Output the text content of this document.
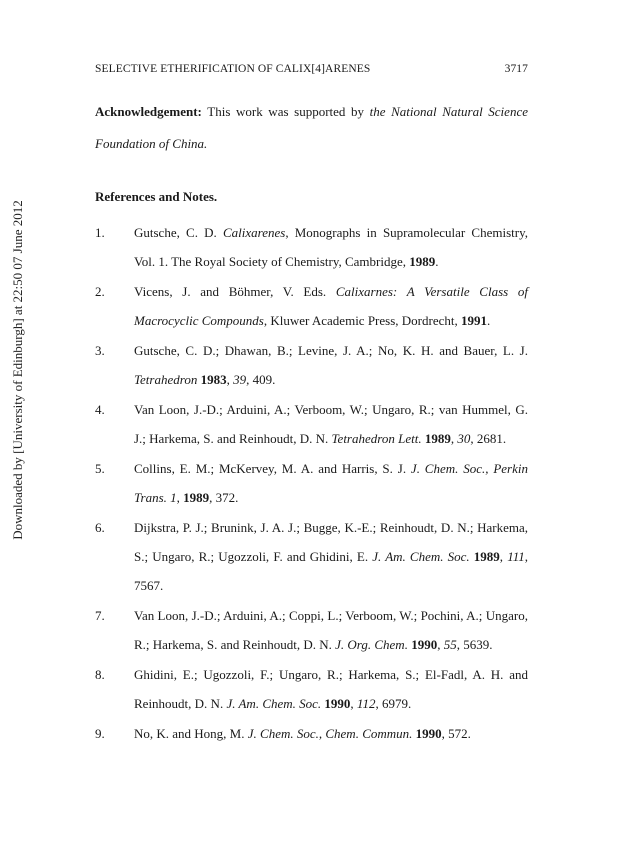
Downloaded by [University of Edinburgh] at 22:50 07 June 2012
SELECTIVE ETHERIFICATION OF CALIX[4]ARENES	3717

Acknowledgement: This work was supported by the National Natural Science Foundation of China.

References and Notes.
1. Gutsche, C. D. Calixarenes, Monographs in Supramolecular Chemistry, Vol. 1. The Royal Society of Chemistry, Cambridge, 1989.
2. Vicens, J. and Böhmer, V. Eds. Calixarnes: A Versatile Class of Macrocyclic Compounds, Kluwer Academic Press, Dordrecht, 1991.
3. Gutsche, C. D.; Dhawan, B.; Levine, J. A.; No, K. H. and Bauer, L. J. Tetrahedron 1983, 39, 409.
4. Van Loon, J.-D.; Arduini, A.; Verboom, W.; Ungaro, R.; van Hummel, G. J.; Harkema, S. and Reinhoudt, D. N. Tetrahedron Lett. 1989, 30, 2681.
5. Collins, E. M.; McKervey, M. A. and Harris, S. J. J. Chem. Soc., Perkin Trans. 1, 1989, 372.
6. Dijkstra, P. J.; Brunink, J. A. J.; Bugge, K.-E.; Reinhoudt, D. N.; Harkema, S.; Ungaro, R.; Ugozzoli, F. and Ghidini, E. J. Am. Chem. Soc. 1989, 111, 7567.
7. Van Loon, J.-D.; Arduini, A.; Coppi, L.; Verboom, W.; Pochini, A.; Ungaro, R.; Harkema, S. and Reinhoudt, D. N. J. Org. Chem. 1990, 55, 5639.
8. Ghidini, E.; Ugozzoli, F.; Ungaro, R.; Harkema, S.; El-Fadl, A. H. and Reinhoudt, D. N. J. Am. Chem. Soc. 1990, 112, 6979.
9. No, K. and Hong, M. J. Chem. Soc., Chem. Commun. 1990, 572.
